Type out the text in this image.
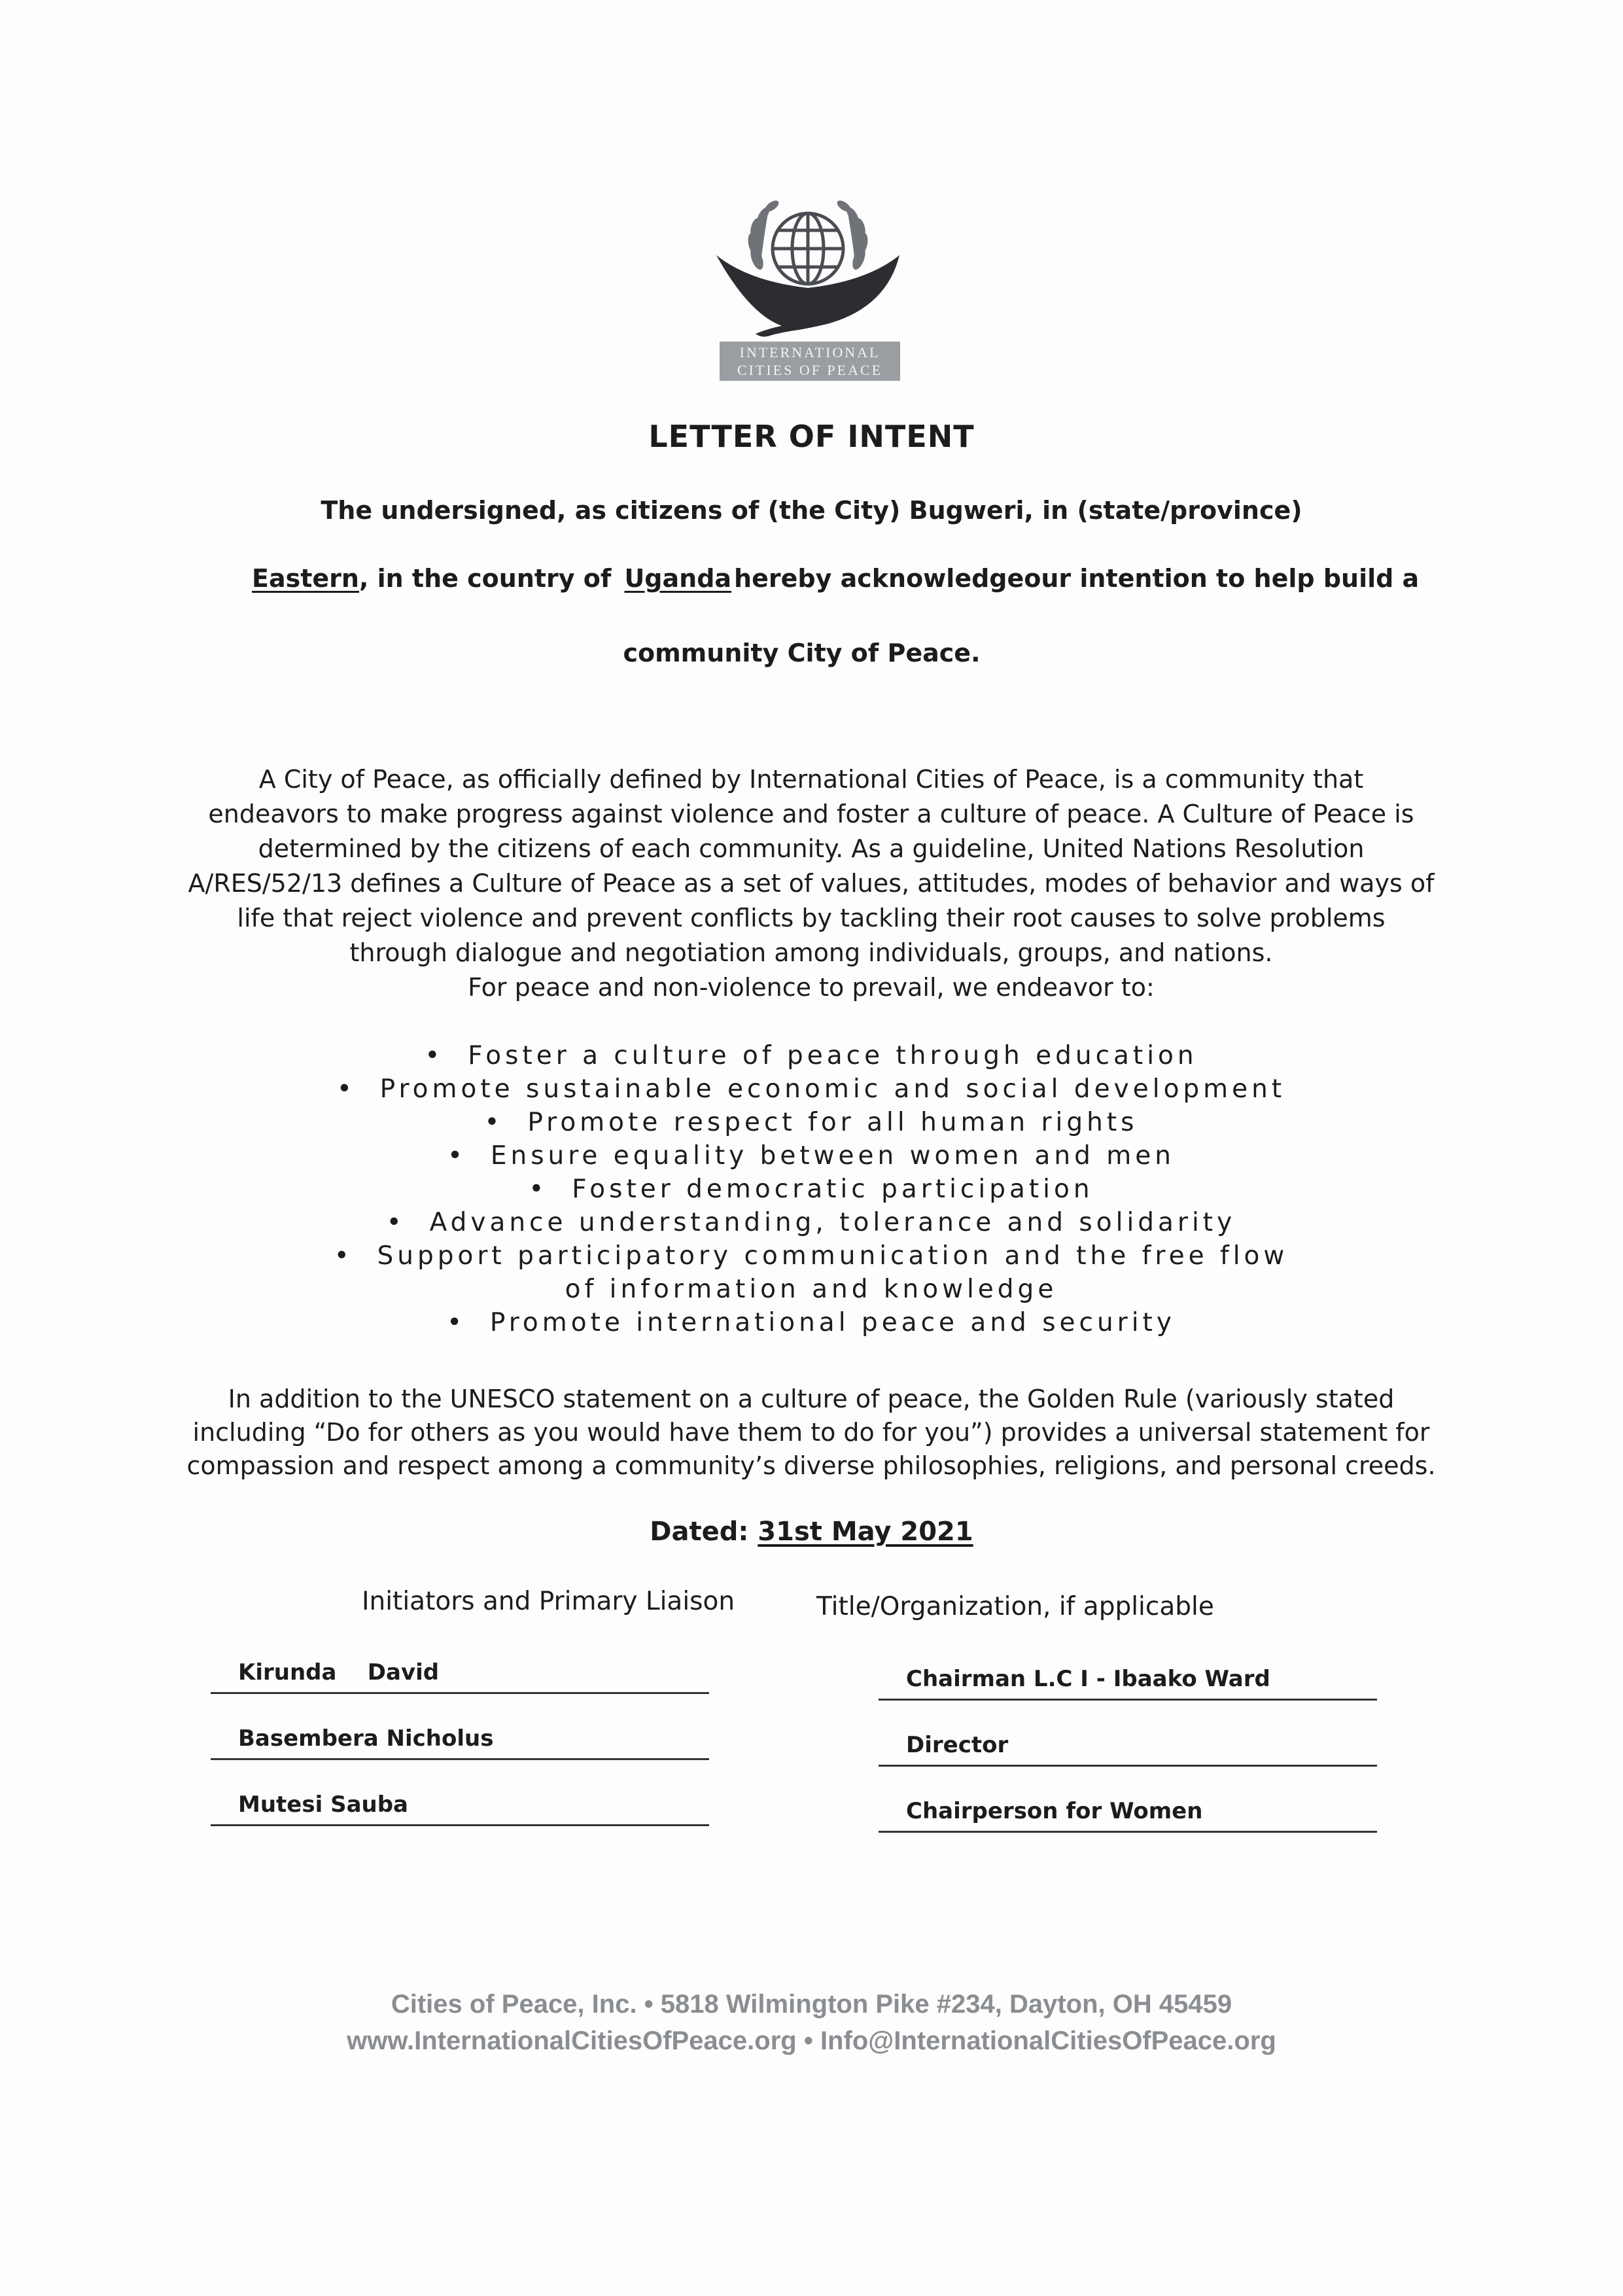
INTERNATIONAL
CITIES OF PEACE
LETTER OF INTENT
The undersigned, as citizens of (the City) Bugweri, in (state/province)
Eastern, in the country of Uganda hereby acknowledgeour intention to help build a
community City of Peace.
A City of Peace, as officially defined by International Cities of Peace, is a community that
endeavors to make progress against violence and foster a culture of peace. A Culture of Peace is
determined by the citizens of each community. As a guideline, United Nations Resolution
A/RES/52/13 defines a Culture of Peace as a set of values, attitudes, modes of behavior and ways of
life that reject violence and prevent conflicts by tackling their root causes to solve problems
through dialogue and negotiation among individuals, groups, and nations.
For peace and non-violence to prevail, we endeavor to:
•  Foster a culture of peace through education
•  Promote sustainable economic and social development
•  Promote respect for all human rights
•  Ensure equality between women and men
•  Foster democratic participation
•  Advance understanding, tolerance and solidarity
•  Support participatory communication and the free flow of information and knowledge
•  Promote international peace and security
In addition to the UNESCO statement on a culture of peace, the Golden Rule (variously stated
including “Do for others as you would have them to do for you”) provides a universal statement for
compassion and respect among a community’s diverse philosophies, religions, and personal creeds.
Dated: 31st May 2021
Initiators and Primary Liaison	Title/Organization, if applicable
Kirunda    David	Chairman L.C I - Ibaako Ward
Basembera Nicholus	Director
Mutesi Sauba	Chairperson for Women
Cities of Peace, Inc. • 5818 Wilmington Pike #234, Dayton, OH 45459
www.InternationalCitiesOfPeace.org • Info@InternationalCitiesOfPeace.org
